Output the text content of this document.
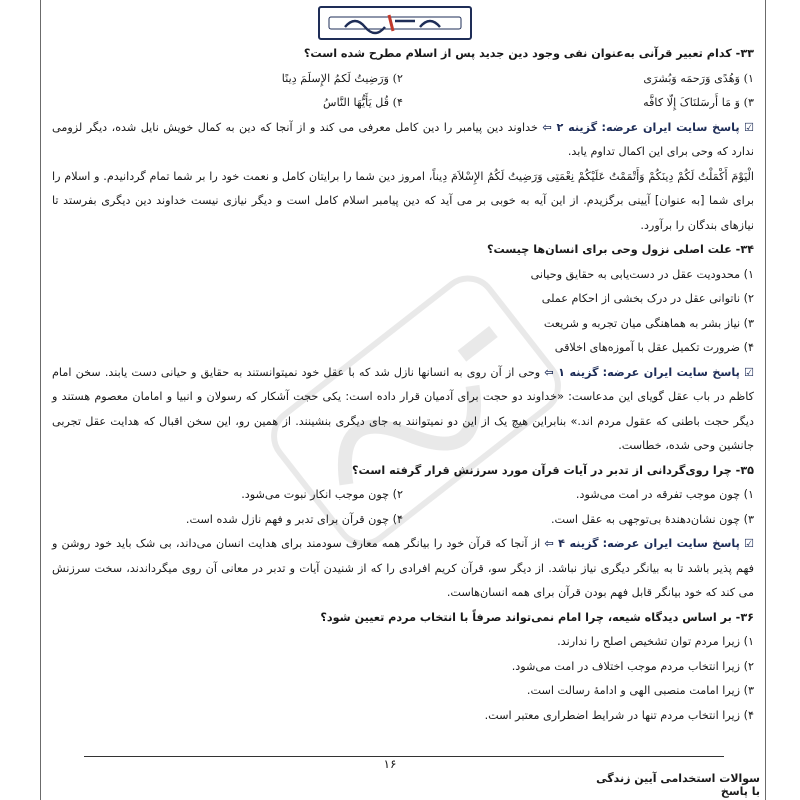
۳۳- کدام تعبیر قرآنی به‌عنوان نفی وجود دین جدید پس از اسلام مطرح شده است؟
۱) وَهُدًی وَرَحمَه وَبُشرَی
۲) وَرَضِیتُ لَکمُ الإِسلَمَ دِینًا
۳) وَ مَا أَرسَلنَاکَ إِلّا کافَّه
۴) قُل یَأَیُّهَا النَّاسُ
☑ پاسخ سایت ایران عرضه: گزینه ۲ ⇦ خداوند دین پیامبر را دین کامل معرفی می کند و از آنجا که دین به کمال خویش نایل شده، دیگر لزومی ندارد که وحی برای این اکمال تداوم یابد.
الْیَوْمَ أَکْمَلْتُ لَکُمْ دِینَکُمْ وَأَتْمَمْتُ عَلَیْکُمْ نِعْمَتِی وَرَضِیتُ لَکُمُ الإِسْلاَمَ دِیناً، امروز دین شما را برایتان کامل و نعمت خود را بر شما تمام گردانیدم. و اسلام را برای شما [به عنوان] آیینی برگزیدم. از این آیه به خوبی بر می آید که دین پیامبر اسلام کامل است و دیگر نیازی نیست خداوند دین دیگری بفرستد تا نیازهای بندگان را برآورد.
۳۴- علت اصلی نزول وحی برای انسان‌ها چیست؟
۱) محدودیت عقل در دست‌یابی به حقایق وحیانی
۲) ناتوانی عقل در درک بخشی از احکام عملی
۳) نیاز بشر به هماهنگی میان تجربه و شریعت
۴) ضرورت تکمیل عقل با آموزه‌های اخلاقی
☑ پاسخ سایت ایران عرضه: گزینه ۱ ⇦ وحی از آن روی به انسانها نازل شد که با عقل خود نمیتوانستند به حقایق و حیانی دست یابند. سخن امام کاظم در باب عقل گویای این مدعاست: «خداوند دو حجت برای آدمیان قرار داده است: یکی حجت آشکار که رسولان و انبیا و امامان معصوم هستند و دیگر حجت باطنی که عقول مردم اند.» بنابراین هیچ یک از این دو نمیتوانند به جای دیگری بنشینند. از همین رو، این سخن اقبال که هدایت عقل تجربی جانشین وحی شده، خطاست.
۳۵- چرا روی‌گردانی از تدبر در آیات قرآن مورد سرزنش قرار گرفته است؟
۱) چون موجب تفرقه در امت می‌شود.
۲) چون موجب انکار نبوت می‌شود.
۳) چون نشان‌دهندهٔ بی‌توجهی به عقل است.
۴) چون قرآن برای تدبر و فهم نازل شده است.
☑ پاسخ سایت ایران عرضه: گزینه ۴ ⇦ از آنجا که قرآن خود را بیانگر همه معارف سودمند برای هدایت انسان می‌داند، بی شک باید خود روشن و فهم پذیر باشد تا به بیانگر دیگری نیاز نباشد. از دیگر سو، قرآن کریم افرادی را که از شنیدن آیات و تدبر در معانی آن روی میگرداندند، سخت سرزنش می کند که خود بیانگر قابل فهم بودن قرآن برای همه انسان‌هاست.
۳۶- بر اساس دیدگاه شیعه، چرا امام نمی‌تواند صرفاً با انتخاب مردم تعیین شود؟
۱) زیرا مردم توان تشخیص اصلح را ندارند.
۲) زیرا انتخاب مردم موجب اختلاف در امت می‌شود.
۳) زیرا امامت منصبی الهی و ادامهٔ رسالت است.
۴) زیرا انتخاب مردم تنها در شرایط اضطراری معتبر است.
۱۶
سوالات استخدامی آیین زندگی با پاسخ
